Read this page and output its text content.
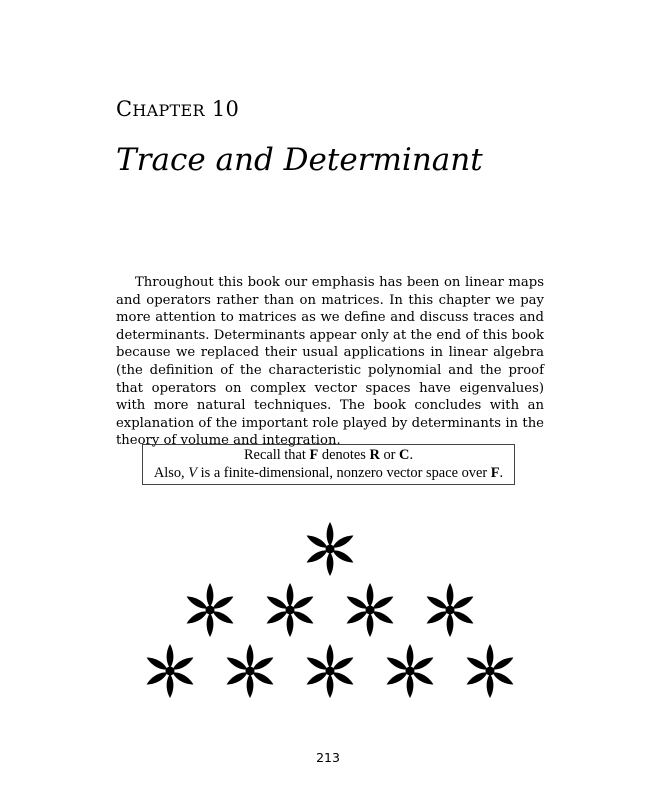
CHAPTER 10
Trace and Determinant

Throughout this book our emphasis has been on linear maps and operators rather than on matrices. In this chapter we pay more attention to matrices as we define and discuss traces and determinants. Determinants appear only at the end of this book because we replaced their usual applications in linear algebra (the definition of the characteristic polynomial and the proof that operators on complex vector spaces have eigenvalues) with more natural techniques. The book concludes with an explanation of the important role played by determinants in the theory of volume and integration.

Recall that F denotes R or C.
Also, V is a finite-dimensional, nonzero vector space over F.
213
